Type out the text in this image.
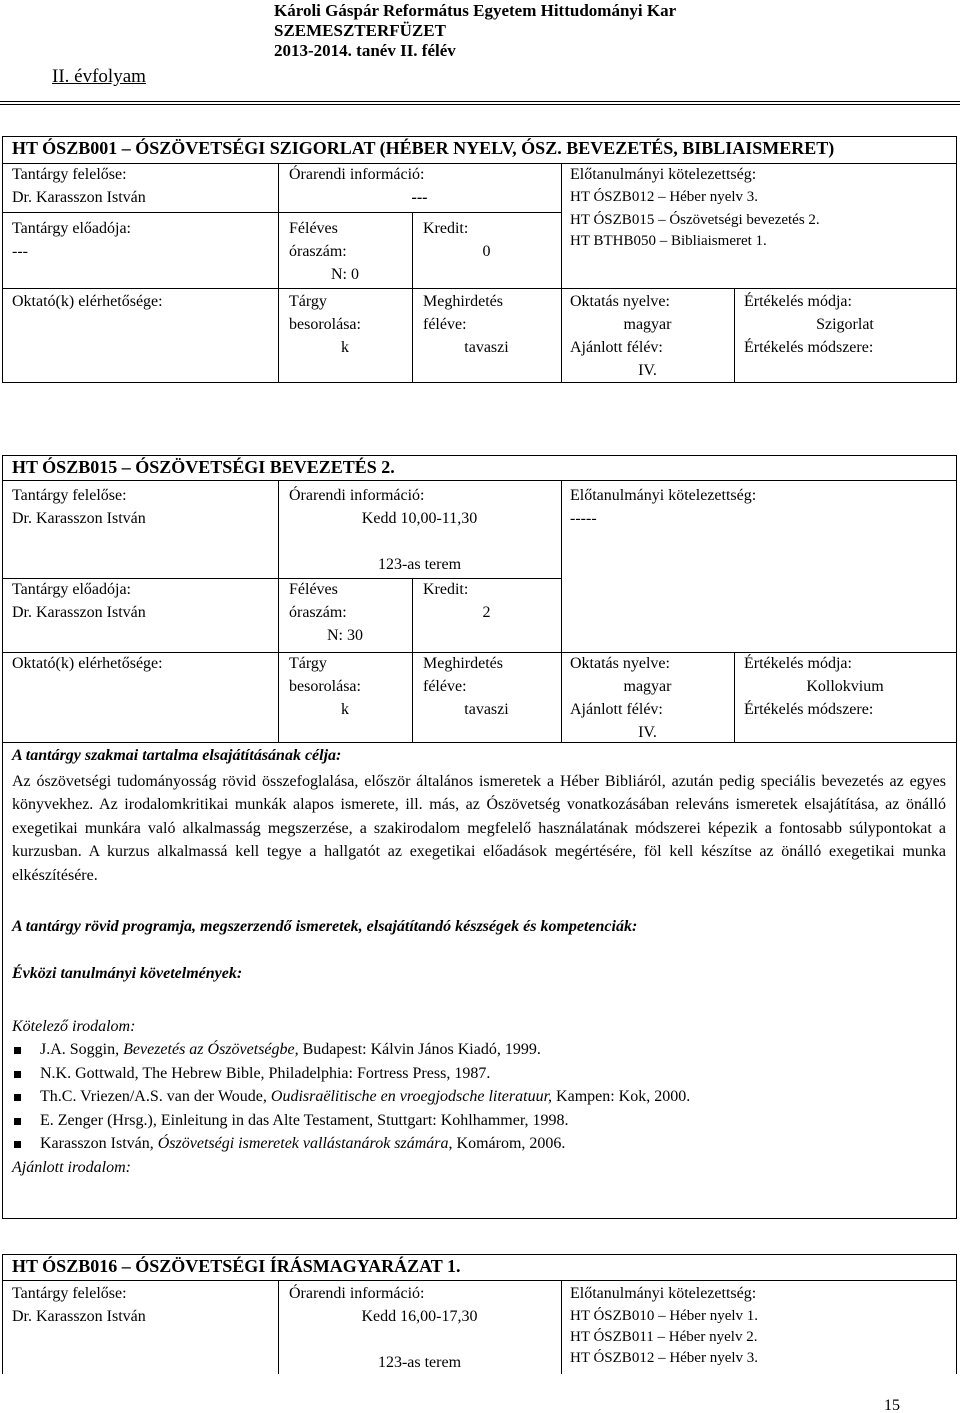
Károli Gáspár Református Egyetem Hittudományi Kar
SZEMESZTERFÜZET
2013-2014. tanév II. félév
II. évfolyam
HT ÓSZB001 – ÓSZÖVETSÉGI SZIGORLAT (HÉBER NYELV, ÓSZ. BEVEZETÉS, BIBLIAISMERET)
Tantárgy felelőse:
Dr. Karasszon István
Órarendi információ:
---
Előtanulmányi kötelezettség:
HT ÓSZB012 – Héber nyelv 3.
HT ÓSZB015 – Ószövetségi bevezetés 2.
HT BTHB050 – Bibliaismeret 1.
Tantárgy előadója:
---
Féléves
óraszám:
N: 0
Kredit:
0
Oktató(k) elérhetősége:	Tárgy
besorolása:
k
Meghirdetés
féléve:
tavaszi
Oktatás nyelve:
magyar
Ajánlott félév:
IV.
Értékelés módja:
Szigorlat
Értékelés módszere:
HT ÓSZB015 – ÓSZÖVETSÉGI BEVEZETÉS 2.
Tantárgy felelőse:
Dr. Karasszon István
Órarendi információ:
Kedd 10,00-11,30
123-as terem
Előtanulmányi kötelezettség:
-----
Tantárgy előadója:
Dr. Karasszon István
Féléves
óraszám:
N: 30
Kredit:
2
Oktató(k) elérhetősége:	Tárgy
besorolása:
k
Meghirdetés
féléve:
tavaszi
Oktatás nyelve:
magyar
Ajánlott félév:
IV.
Értékelés módja:
Kollokvium
Értékelés módszere:
A tantárgy szakmai tartalma elsajátításának célja:
Az ószövetségi tudományosság rövid összefoglalása, először általános ismeretek a Héber Bibliáról, azután pedig speciális bevezetés az egyes könyvekhez. Az irodalomkritikai munkák alapos ismerete, ill. más, az Ószövetség vonatkozásában releváns ismeretek elsajátítása, az önálló exegetikai munkára való alkalmasság megszerzése, a szakirodalom megfelelő használatának módszerei képezik a fontosabb súlypontokat a kurzusban. A kurzus alkalmassá kell tegye a hallgatót az exegetikai előadások megértésére, föl kell készítse az önálló exegetikai munka elkészítésére.
A tantárgy rövid programja, megszerzendő ismeretek, elsajátítandó készségek és kompetenciák:
Évközi tanulmányi követelmények:
Kötelező irodalom:
J.A. Soggin, Bevezetés az Ószövetségbe, Budapest: Kálvin János Kiadó, 1999.
N.K. Gottwald, The Hebrew Bible, Philadelphia: Fortress Press, 1987.
Th.C. Vriezen/A.S. van der Woude, Oudisraëlitische en vroegjodsche literatuur, Kampen: Kok, 2000.
E. Zenger (Hrsg.), Einleitung in das Alte Testament, Stuttgart: Kohlhammer, 1998.
Karasszon István, Ószövetségi ismeretek vallástanárok számára, Komárom, 2006.
Ajánlott irodalom:
HT ÓSZB016 – ÓSZÖVETSÉGI ÍRÁSMAGYARÁZAT 1.
Tantárgy felelőse:
Dr. Karasszon István
Órarendi információ:
Kedd 16,00-17,30
123-as terem
Előtanulmányi kötelezettség:
HT ÓSZB010 – Héber nyelv 1.
HT ÓSZB011 – Héber nyelv 2.
HT ÓSZB012 – Héber nyelv 3.
15
